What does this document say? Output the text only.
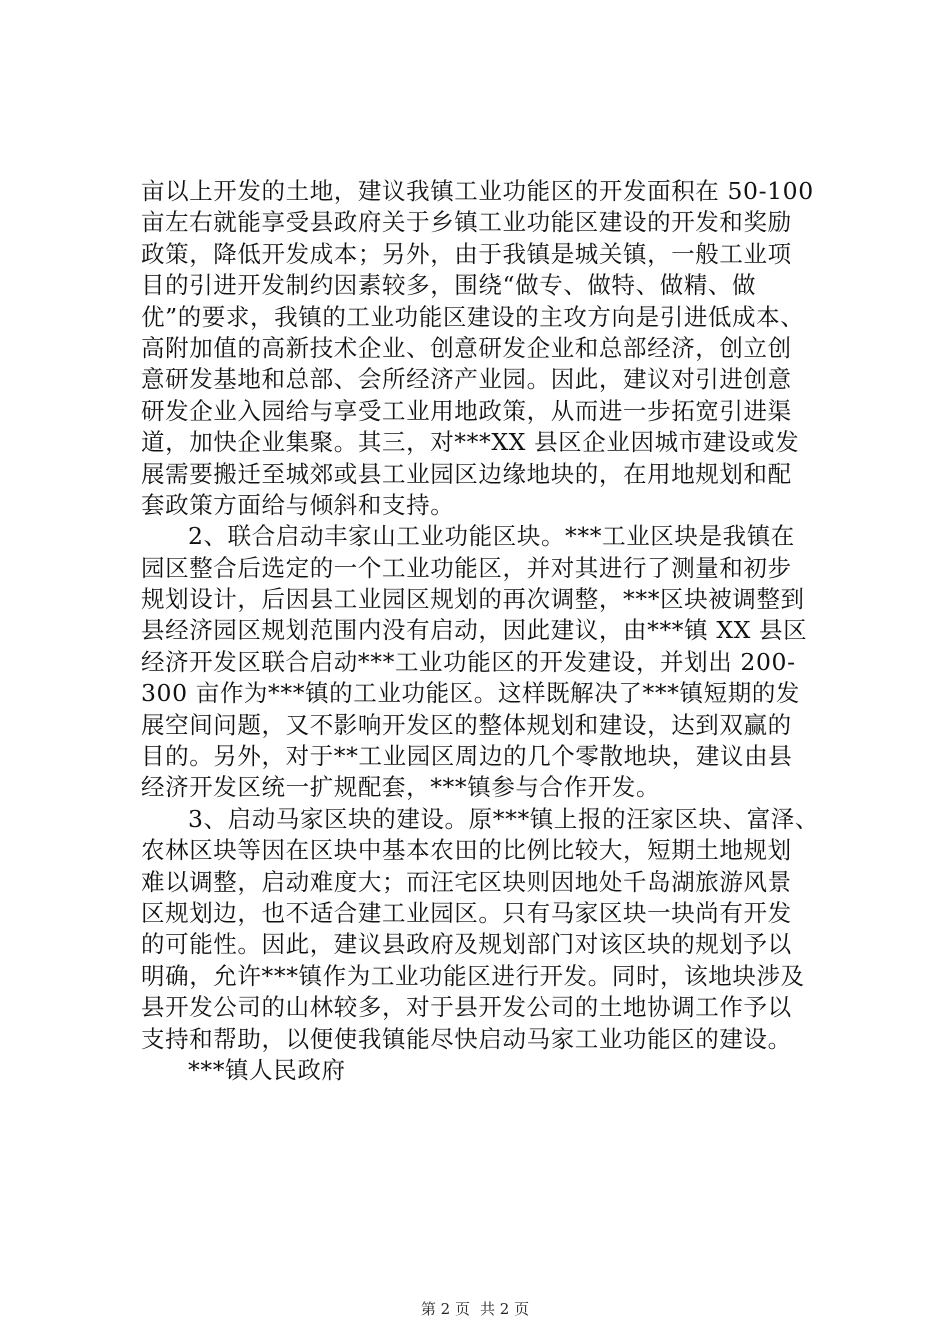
亩以上开发的土地，建议我镇工业功能区的开发面积在 50-100
亩左右就能享受县政府关于乡镇工业功能区建设的开发和奖励
政策，降低开发成本；另外，由于我镇是城关镇，一般工业项
目的引进开发制约因素较多，围绕“做专、做特、做精、做
优”的要求，我镇的工业功能区建设的主攻方向是引进低成本、
高附加值的高新技术企业、创意研发企业和总部经济，创立创
意研发基地和总部、会所经济产业园。因此，建议对引进创意
研发企业入园给与享受工业用地政策，从而进一步拓宽引进渠
道，加快企业集聚。其三，对***XX 县区企业因城市建设或发
展需要搬迁至城郊或县工业园区边缘地块的，在用地规划和配
套政策方面给与倾斜和支持。
2、联合启动丰家山工业功能区块。***工业区块是我镇在
园区整合后选定的一个工业功能区，并对其进行了测量和初步
规划设计，后因县工业园区规划的再次调整，***区块被调整到
县经济园区规划范围内没有启动，因此建议，由***镇 XX 县区
经济开发区联合启动***工业功能区的开发建设，并划出 200-
300 亩作为***镇的工业功能区。这样既解决了***镇短期的发
展空间问题，又不影响开发区的整体规划和建设，达到双赢的
目的。另外，对于**工业园区周边的几个零散地块，建议由县
经济开发区统一扩规配套，***镇参与合作开发。
3、启动马家区块的建设。原***镇上报的汪家区块、富泽、
农林区块等因在区块中基本农田的比例比较大，短期土地规划
难以调整，启动难度大；而汪宅区块则因地处千岛湖旅游风景
区规划边，也不适合建工业园区。只有马家区块一块尚有开发
的可能性。因此，建议县政府及规划部门对该区块的规划予以
明确，允许***镇作为工业功能区进行开发。同时，该地块涉及
县开发公司的山林较多，对于县开发公司的土地协调工作予以
支持和帮助，以便使我镇能尽快启动马家工业功能区的建设。
***镇人民政府
第 2 页 共 2 页
